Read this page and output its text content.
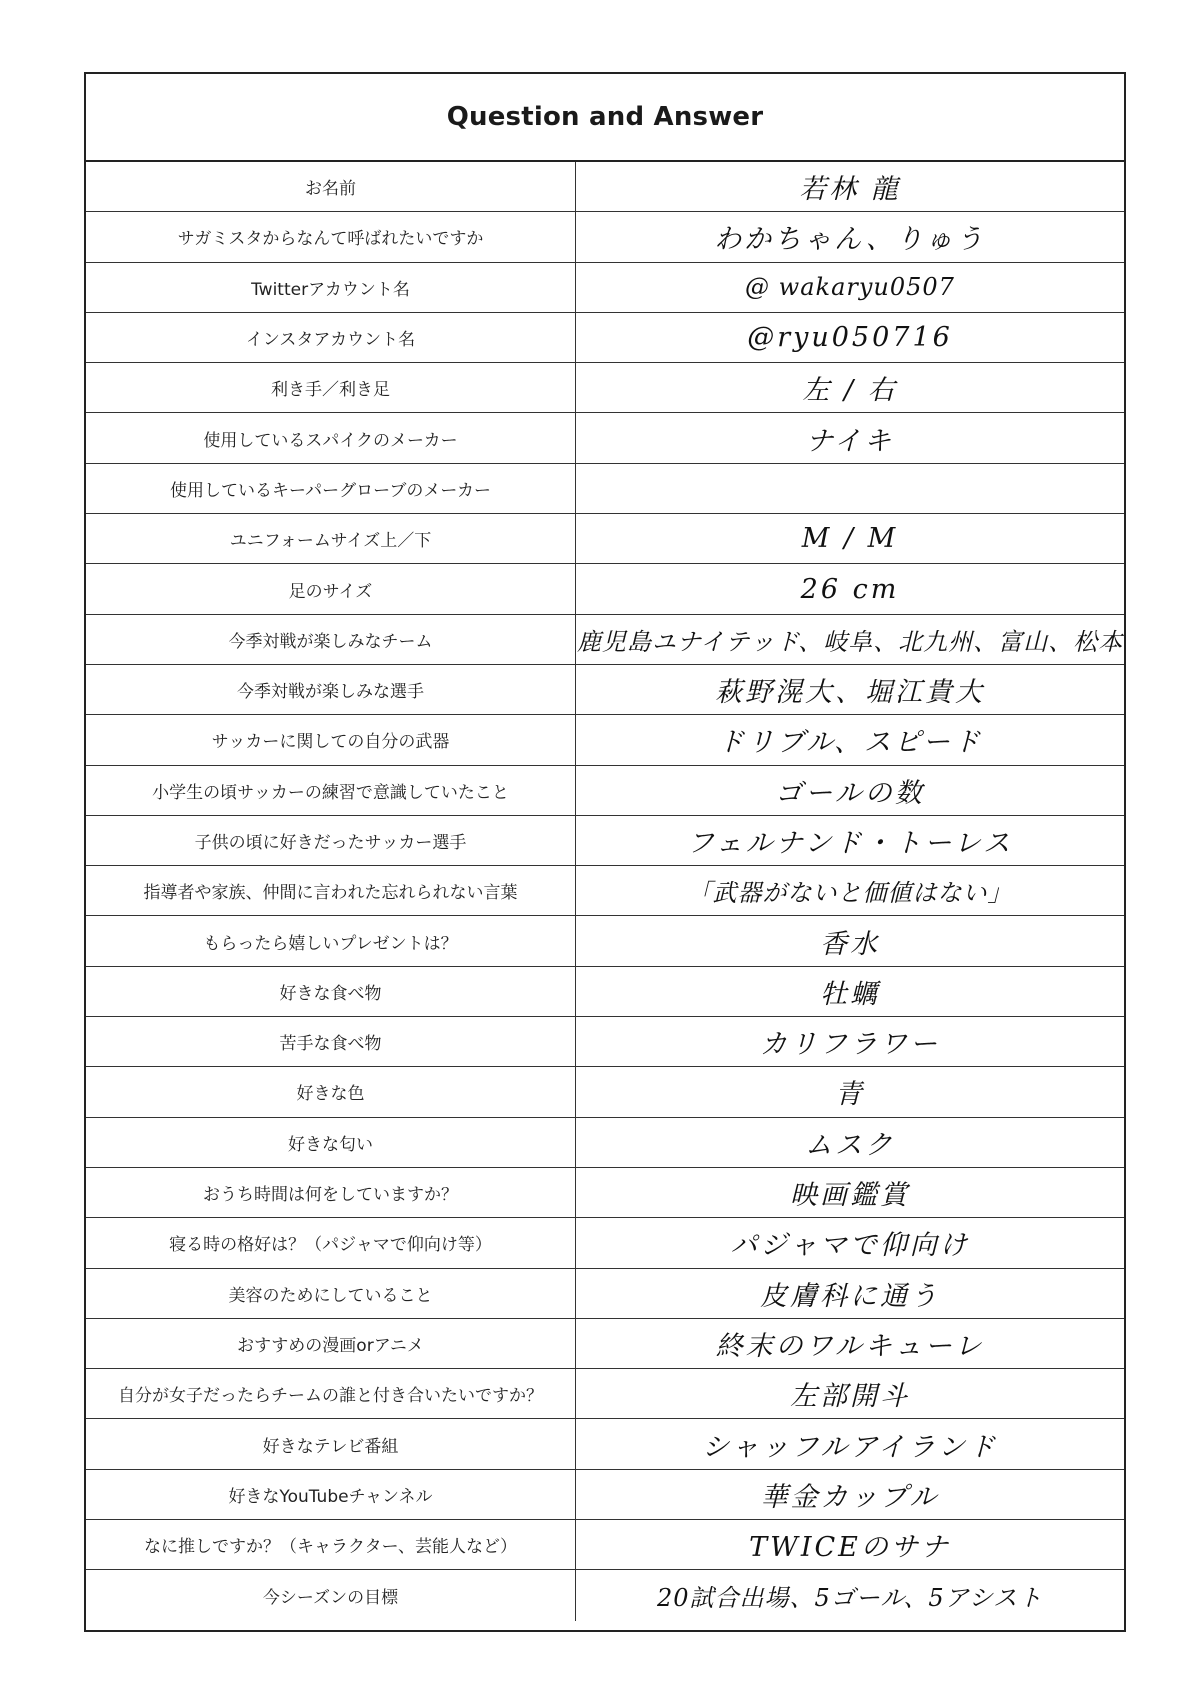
Question and Answer
お名前	若林 龍
サガミスタからなんて呼ばれたいですか	わかちゃん、りゅう
Twitterアカウント名	@ wakaryu0507
インスタアカウント名	@ryu050716
利き手／利き足	左 / 右
使用しているスパイクのメーカー	ナイキ
使用しているキーパーグローブのメーカー
ユニフォームサイズ上／下	M / M
足のサイズ	26 cm
今季対戦が楽しみなチーム	鹿児島ユナイテッド、岐阜、北九州、富山、松本
今季対戦が楽しみな選手	萩野滉大、堀江貴大
サッカーに関しての自分の武器	ドリブル、スピード
小学生の頃サッカーの練習で意識していたこと	ゴールの数
子供の頃に好きだったサッカー選手	フェルナンド・トーレス
指導者や家族、仲間に言われた忘れられない言葉	「武器がないと価値はない」
もらったら嬉しいプレゼントは？	香水
好きな食べ物	牡蠣
苦手な食べ物	カリフラワー
好きな色	青
好きな匂い	ムスク
おうち時間は何をしていますか？	映画鑑賞
寝る時の格好は？（パジャマで仰向け等）	パジャマで仰向け
美容のためにしていること	皮膚科に通う
おすすめの漫画orアニメ	終末のワルキューレ
自分が女子だったらチームの誰と付き合いたいですか？	左部開斗
好きなテレビ番組	シャッフルアイランド
好きなYouTubeチャンネル	華金カップル
なに推しですか？（キャラクター、芸能人など）	TWICEのサナ
今シーズンの目標	20試合出場、5ゴール、5アシスト
